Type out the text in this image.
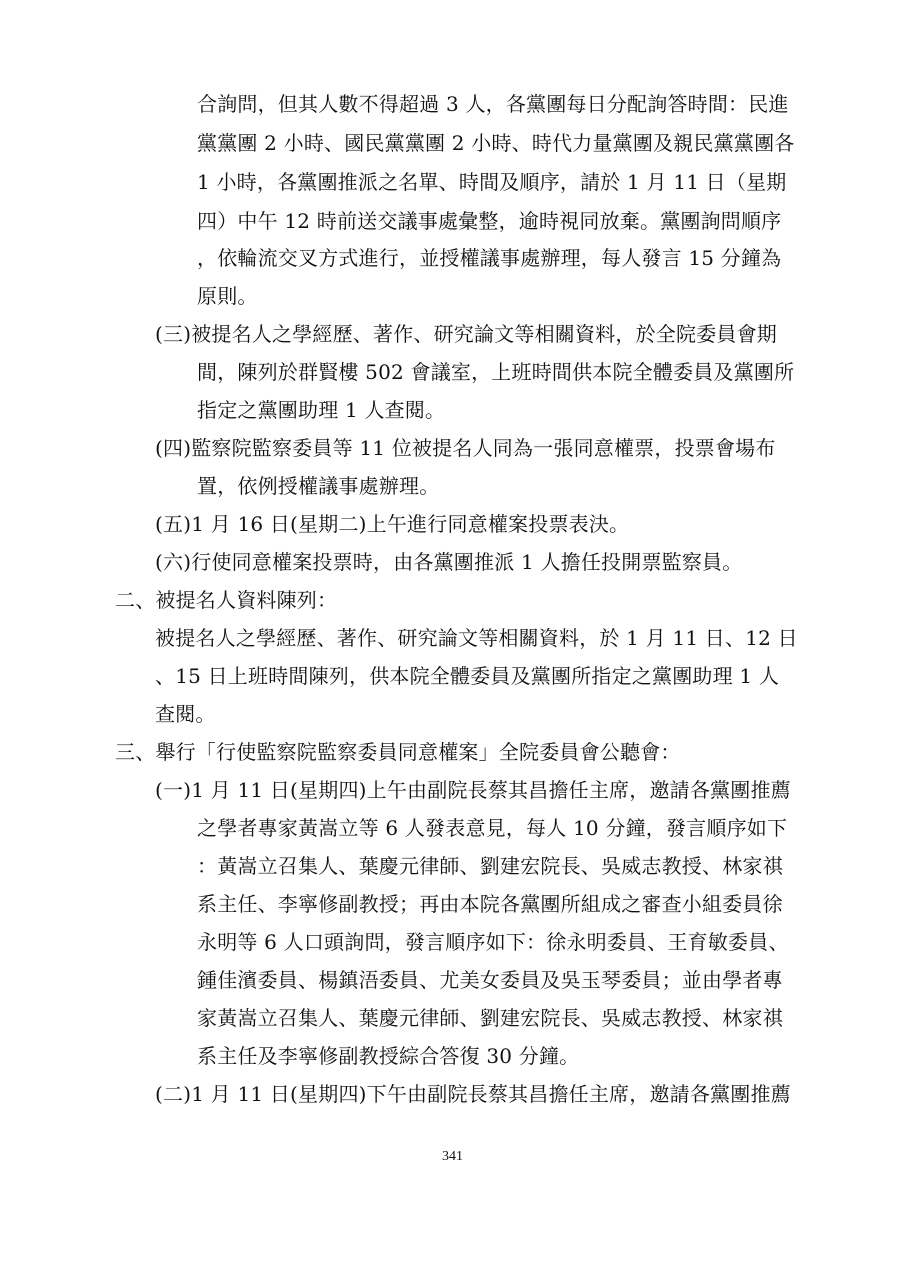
合詢問，但其人數不得超過 3 人，各黨團每日分配詢答時間：民進
黨黨團 2 小時、國民黨黨團 2 小時、時代力量黨團及親民黨黨團各
1 小時，各黨團推派之名單、時間及順序，請於 1 月 11 日（星期
四）中午 12 時前送交議事處彙整，逾時視同放棄。黨團詢問順序
，依輪流交叉方式進行，並授權議事處辦理，每人發言 15 分鐘為
原則。
(三)被提名人之學經歷、著作、研究論文等相關資料，於全院委員會期
間，陳列於群賢樓 502 會議室，上班時間供本院全體委員及黨團所
指定之黨團助理 1 人查閱。
(四)監察院監察委員等 11 位被提名人同為一張同意權票，投票會場布
置，依例授權議事處辦理。
(五)1 月 16 日(星期二)上午進行同意權案投票表決。
(六)行使同意權案投票時，由各黨團推派 1 人擔任投開票監察員。
二、被提名人資料陳列：
被提名人之學經歷、著作、研究論文等相關資料，於 1 月 11 日、12 日
、15 日上班時間陳列，供本院全體委員及黨團所指定之黨團助理 1 人
查閱。
三、舉行「行使監察院監察委員同意權案」全院委員會公聽會：
(一)1 月 11 日(星期四)上午由副院長蔡其昌擔任主席，邀請各黨團推薦
之學者專家黃嵩立等 6 人發表意見，每人 10 分鐘，發言順序如下
：黃嵩立召集人、葉慶元律師、劉建宏院長、吳威志教授、林家祺
系主任、李寧修副教授；再由本院各黨團所組成之審查小組委員徐
永明等 6 人口頭詢問，發言順序如下：徐永明委員、王育敏委員、
鍾佳濱委員、楊鎮浯委員、尤美女委員及吳玉琴委員；並由學者專
家黃嵩立召集人、葉慶元律師、劉建宏院長、吳威志教授、林家祺
系主任及李寧修副教授綜合答復 30 分鐘。
(二)1 月 11 日(星期四)下午由副院長蔡其昌擔任主席，邀請各黨團推薦
341
